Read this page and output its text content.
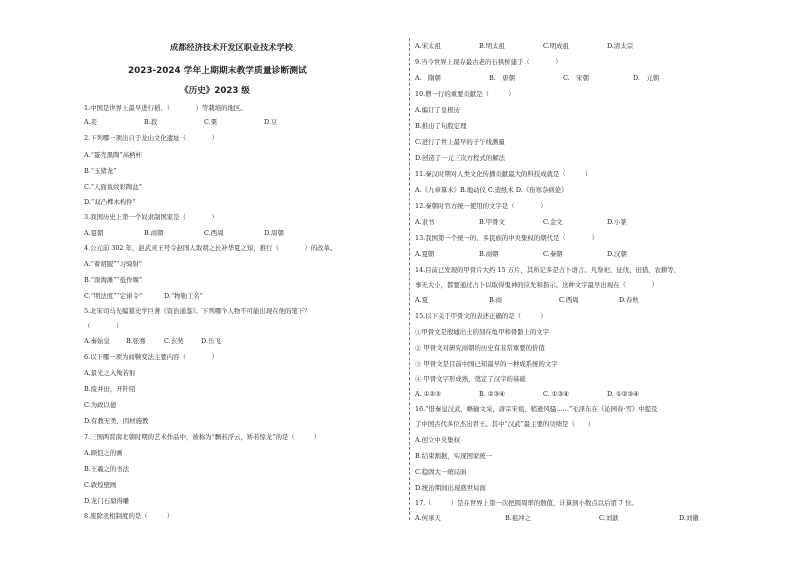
成都经济技术开发区职业技术学校
2023-2024 学年上期期末教学质量诊断测试
《历史》2023 级
1.中国是世界上最早进行稻、（　　　　）等栽培的地区。
A.麦	B.菽	C.粟	D.豆
2.下列哪一项出自于龙山文化遗址（　　　　）
A.“蛋壳黑陶”高柄杯
B.“玉猪龙”
C.“人面鱼纹彩陶盆”
D.“双凸榫木构件”
3.我国历史上第一个奴隶制国家是（　　　　）
A.夏朝	B.商朝	C.西周	D.周朝
4.公元前 302 年，赵武灵王号令赵国人取胡之长补华夏之短，推行（　　　　）的改革。
A.“着胡服”“习骑射”
B.“深淘滩”“低作堰”
C.“明法度”“定律令”	D.“物勒工名”
5.北宋司马光编纂史学巨著《资治通鉴》。下列哪个人物不可能出现在他的笔下？
（　　　　）
A.秦始皇	B.张骞	C.玄奘	D.岳飞
6.以下哪一项为商鞅变法主要内容（　　　　）
A.景光之入殉若射
B.废井田，开阡陌
C.为政以德
D.有教无类，因材施教
7.三国两晋南北朝时期的艺术作品中，被称为“飘若浮云，矫若惊龙”的是（　　　）
A.顾恺之的画
B.王羲之的书法
C.敦煌壁画
D.龙门石窟得雕
8.废除丞相制度的是（　　　）
A.宋太祖	B.明太祖	C.明成祖	D.清太宗
9.当今世界上现存最古老的石拱桥建于（　　　　）
A.　隋朝	B.　唐朝	C.　宋朝	D.　元朝
10.僧一行的重要贡献是（　　　）
A.编订了皇极历
B.推出了句股定理
C.进行了世上最早的子午线测量
D.创造了一元三次方程式的解法
11.秦汉时期对人类文化传播贡献最大的科技成就是（　　　）
A.《九章算术》B.地动仪 C.造纸术 D.《伤寒杂病论》
12.秦朝时官方统一使用的文字是（　　　　）
A.隶书	B.甲骨文	C.金文	D.小篆
13.我国第一个统一的、多民族的中央集权的朝代是（　　　　）
A.夏朝	B.商朝	C.秦朝	D.汉朝
14.目前已发现的甲骨片大约 15 万片，其所记多是占卜语言。凡祭祀、征伐、田猎、农耕等，
事无大小，都要通过占卜以取得鬼神的应允和指示。这种文字最早出现在（　　　　）
A.夏	B.商	C.西周	D.春秋
15.以下关于甲骨文的表述正确的是（　　　）
①甲骨文是殷墟出土的刻在龟甲和骨骼上的文字
② 甲骨文对研究商朝的历史有非常重要的价值
③ 甲骨文是目前中国已知最早的一种成系统的文字
④ 甲骨文字形成熟，奠定了汉字的基础
A. ①②③	B. ②③④	C. ①③④	D. ①②③④
16.“惜秦皇汉武，略输文采，唐宗宋祖，稍逊风骚……”毛泽东在《沁园春·雪》中提及
了中国古代多位杰出君王。其中“汉武”最主要的功绩是（　　）
A.创立中央集权
B.结束割据，实现国家统一
C.稳固大一统局面
D.统治期间出现盛世局面
17.（　　　）是在世界上第一次把圆周率的数值，计算到小数点以后第 7 位。
A.何承天	B.祖冲之	C.刘歆	D.刘徽
